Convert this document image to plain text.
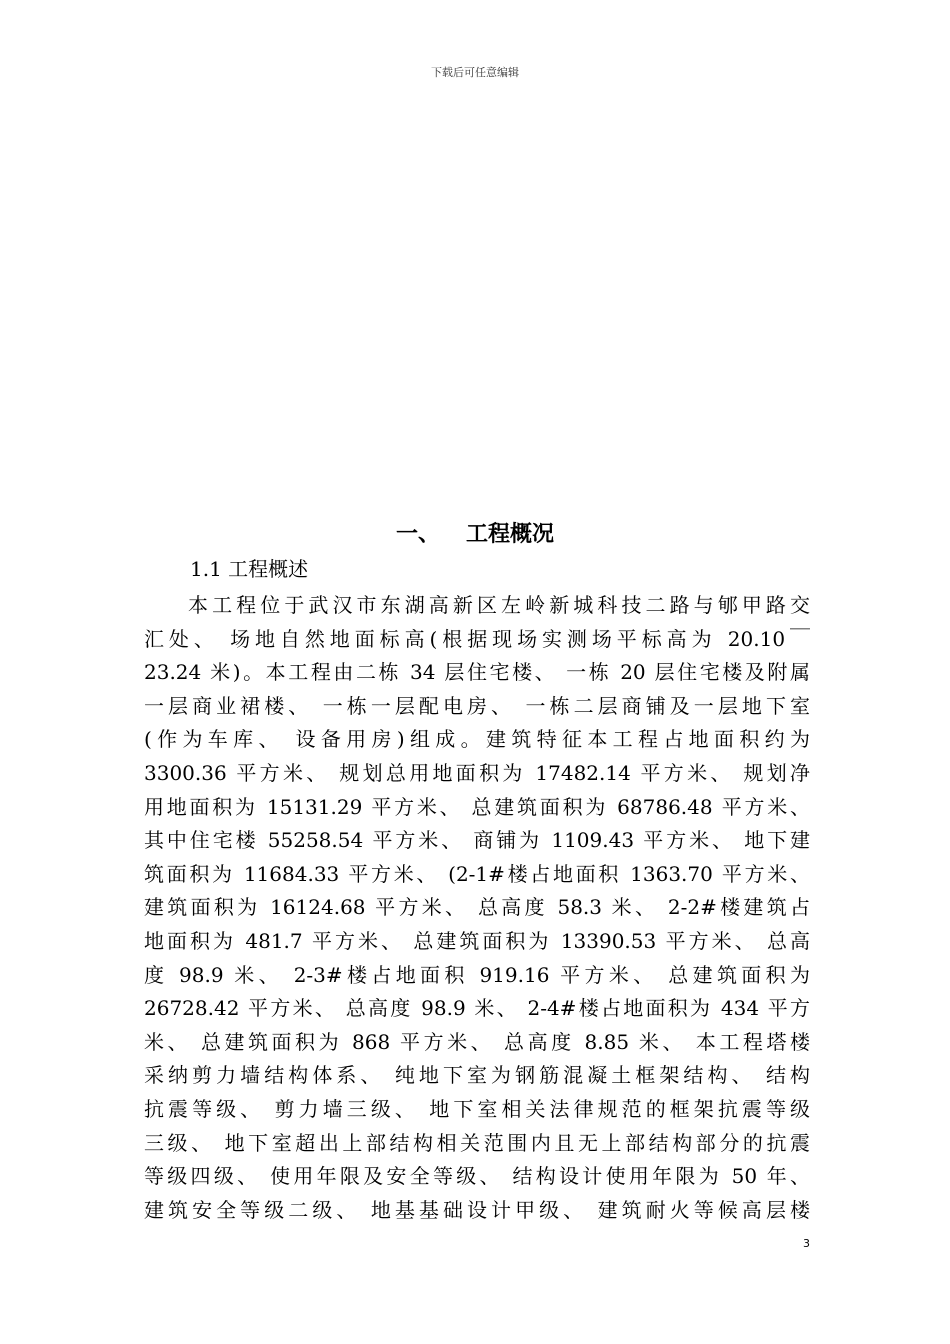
下载后可任意编辑
一、 工程概况
1.1 工程概述
本工程位于武汉市东湖高新区左岭新城科技二路与郇甲路交
汇处、 场地自然地面标高(根据现场实测场平标高为 20.10￣
23.24 米)。本工程由二栋 34 层住宅楼、 一栋 20 层住宅楼及附属
一层商业裙楼、 一栋一层配电房、 一栋二层商铺及一层地下室
(作为车库、 设备用房)组成。建筑特征本工程占地面积约为
3300.36 平方米、 规划总用地面积为 17482.14 平方米、 规划净
用地面积为 15131.29 平方米、 总建筑面积为 68786.48 平方米、
其中住宅楼 55258.54 平方米、 商铺为 1109.43 平方米、 地下建
筑面积为 11684.33 平方米、 (2-1#楼占地面积 1363.70 平方米、
建筑面积为 16124.68 平方米、 总高度 58.3 米、 2-2#楼建筑占
地面积为 481.7 平方米、 总建筑面积为 13390.53 平方米、 总高
度 98.9 米、 2-3#楼占地面积 919.16 平方米、 总建筑面积为
26728.42 平方米、 总高度 98.9 米、 2-4#楼占地面积为 434 平方
米、 总建筑面积为 868 平方米、 总高度 8.85 米、 本工程塔楼
采纳剪力墙结构体系、 纯地下室为钢筋混凝土框架结构、 结构
抗震等级、 剪力墙三级、 地下室相关法律规范的框架抗震等级
三级、 地下室超出上部结构相关范围内且无上部结构部分的抗震
等级四级、 使用年限及安全等级、 结构设计使用年限为 50 年、
建筑安全等级二级、 地基基础设计甲级、 建筑耐火等候高层楼
3
